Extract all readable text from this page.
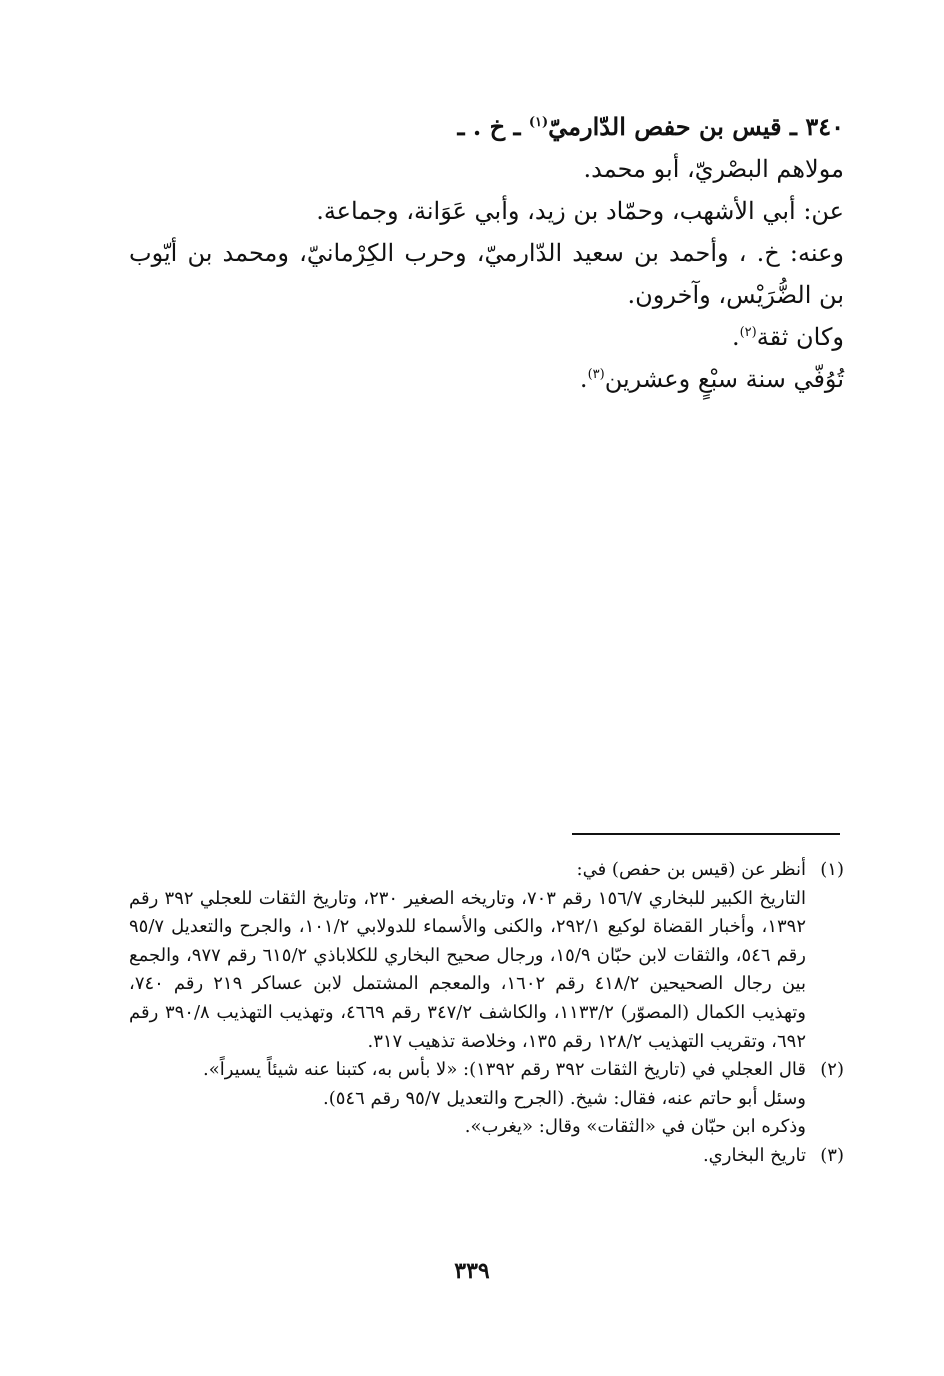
٣٤٠ ـ قيس بن حفص الدّارميّ$^{(١)}$ ـ خ . ـ

مولاهم البصْريّ، أبو محمد.

عن: أبي الأشهب، وحمّاد بن زيد، وأبي عَوَانة، وجماعة.

وعنه: خ. ، وأحمد بن سعيد الدّارميّ، وحرب الكِرْمانيّ، ومحمد بن أيّوب بن الضُّرَيْس، وآخرون.

وكان ثقة$^{(٢)}$.

تُوُفّي سنة سبْعٍ وعشرين$^{(٣)}$.

(١)

أنظر عن (قيس بن حفص) في:

التاريخ الكبير للبخاري ١٥٦/٧ رقم ٧٠٣، وتاريخه الصغير ٢٣٠، وتاريخ الثقات للعجلي ٣٩٢ رقم ١٣٩٢، وأخبار القضاة لوكيع ٢٩٢/١، والكنى والأسماء للدولابي ١٠١/٢، والجرح والتعديل ٩٥/٧ رقم ٥٤٦، والثقات لابن حبّان ١٥/٩، ورجال صحيح البخاري للكلاباذي ٦١٥/٢ رقم ٩٧٧، والجمع بين رجال الصحيحين ٤١٨/٢ رقم ١٦٠٢، والمعجم المشتمل لابن عساكر ٢١٩ رقم ٧٤٠، وتهذيب الكمال (المصوّر) ١١٣٣/٢، والكاشف ٣٤٧/٢ رقم ٤٦٦٩، وتهذيب التهذيب ٣٩٠/٨ رقم ٦٩٢، وتقريب التهذيب ١٢٨/٢ رقم ١٣٥، وخلاصة تذهيب ٣١٧.

(٢)

قال العجلي في (تاريخ الثقات ٣٩٢ رقم ١٣٩٢): «لا بأس به، كتبنا عنه شيئاً يسيراً».

وسئل أبو حاتم عنه، فقال: شيخ. (الجرح والتعديل ٩٥/٧ رقم ٥٤٦).

وذكره ابن حبّان في «الثقات» وقال: «يغرب».

(٣)

تاريخ البخاري.

٣٣٩
